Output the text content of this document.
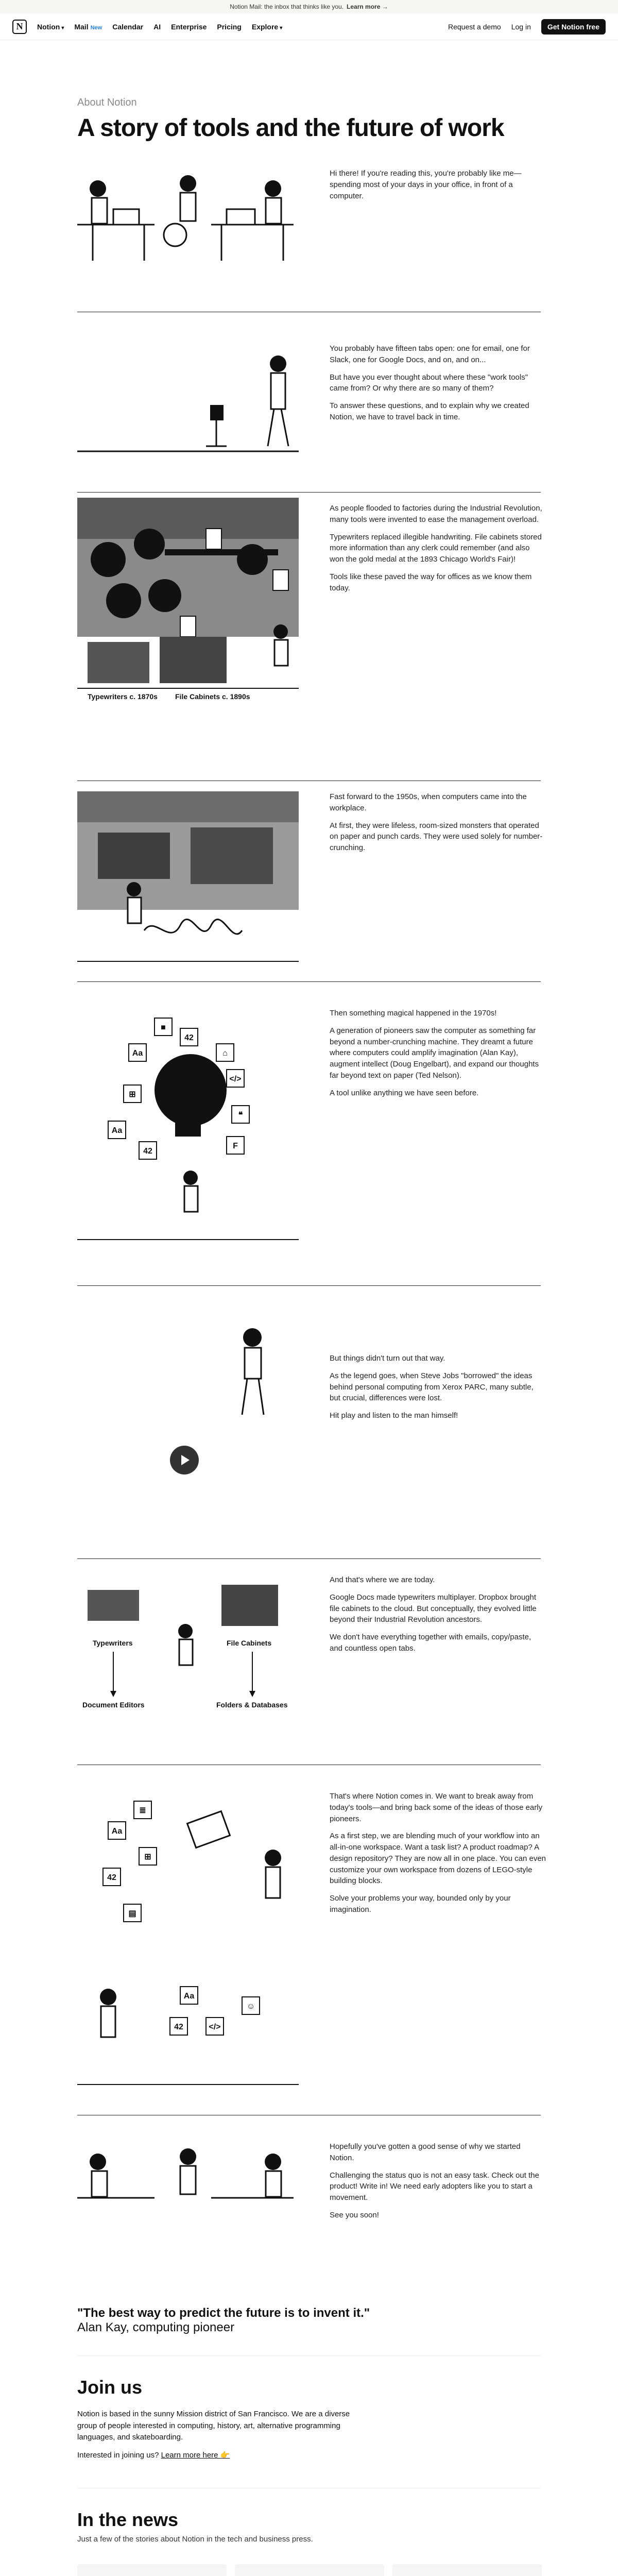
Notion Mail: the inbox that thinks like you. Learn more →
N	Notion ▾ Mail New Calendar AI Enterprise Pricing Explore ▾	Request a demo Log in	Get Notion free
About Notion
A story of tools and the future of work

Hi there! If you're reading this, you're probably like me—spending most of your days in your office, in front of a computer.

You probably have fifteen tabs open: one for email, one for Slack, one for Google Docs, and on, and on...

But have you ever thought about where these "work tools" came from? Or why there are so many of them?

To answer these questions, and to explain why we created Notion, we have to travel back in time.

Typewriters c. 1870s File Cabinets c. 1890s

As people flooded to factories during the Industrial Revolution, many tools were invented to ease the management overload.

Typewriters replaced illegible handwriting. File cabinets stored more information than any clerk could remember (and also won the gold medal at the 1893 Chicago World's Fair)!

Tools like these paved the way for offices as we know them today.

Fast forward to the 1950s, when computers came into the workplace.

At first, they were lifeless, room-sized monsters that operated on paper and punch cards. They were used solely for number-crunching.

Aa
42
</>
⊞
❝
⌂
Aa
F
42
■

Then something magical happened in the 1970s!

A generation of pioneers saw the computer as something far beyond a number-crunching machine. They dreamt a future where computers could amplify imagination (Alan Kay), augment intellect (Doug Engelbart), and expand our thoughts far beyond text on paper (Ted Nelson).

A tool unlike anything we have seen before.

But things didn't turn out that way.

As the legend goes, when Steve Jobs "borrowed" the ideas behind personal computing from Xerox PARC, many subtle, but crucial, differences were lost.

Hit play and listen to the man himself!

Typewriters	File Cabinets
Document Editors	Folders & Databases

And that's where we are today.

Google Docs made typewriters multiplayer. Dropbox brought file cabinets to the cloud. But conceptually, they evolved little beyond their Industrial Revolution ancestors.

We don't have everything together with emails, copy/paste, and countless open tabs.

Aa
42
≣
⊞
▤
Aa
42	</>
☺

That's where Notion comes in. We want to break away from today's tools—and bring back some of the ideas of those early pioneers.

As a first step, we are blending much of your workflow into an all-in-one workspace. Want a task list? A product roadmap? A design repository? They are now all in one place. You can even customize your own workspace from dozens of LEGO-style building blocks.

Solve your problems your way, bounded only by your imagination.

Hopefully you've gotten a good sense of why we started Notion.

Challenging the status quo is not an easy task. Check out the product! Write in! We need early adopters like you to start a movement.

See you soon!

"The best way to predict the future is to invent it."
Alan Kay, computing pioneer
Join us

Notion is based in the sunny Mission district of San Francisco. We are a diverse group of people interested in computing, history, art, alternative programming languages, and skateboarding.

Interested in joining us? Learn more here 👉

In the news
Just a few of the stories about Notion in the tech and business press.
